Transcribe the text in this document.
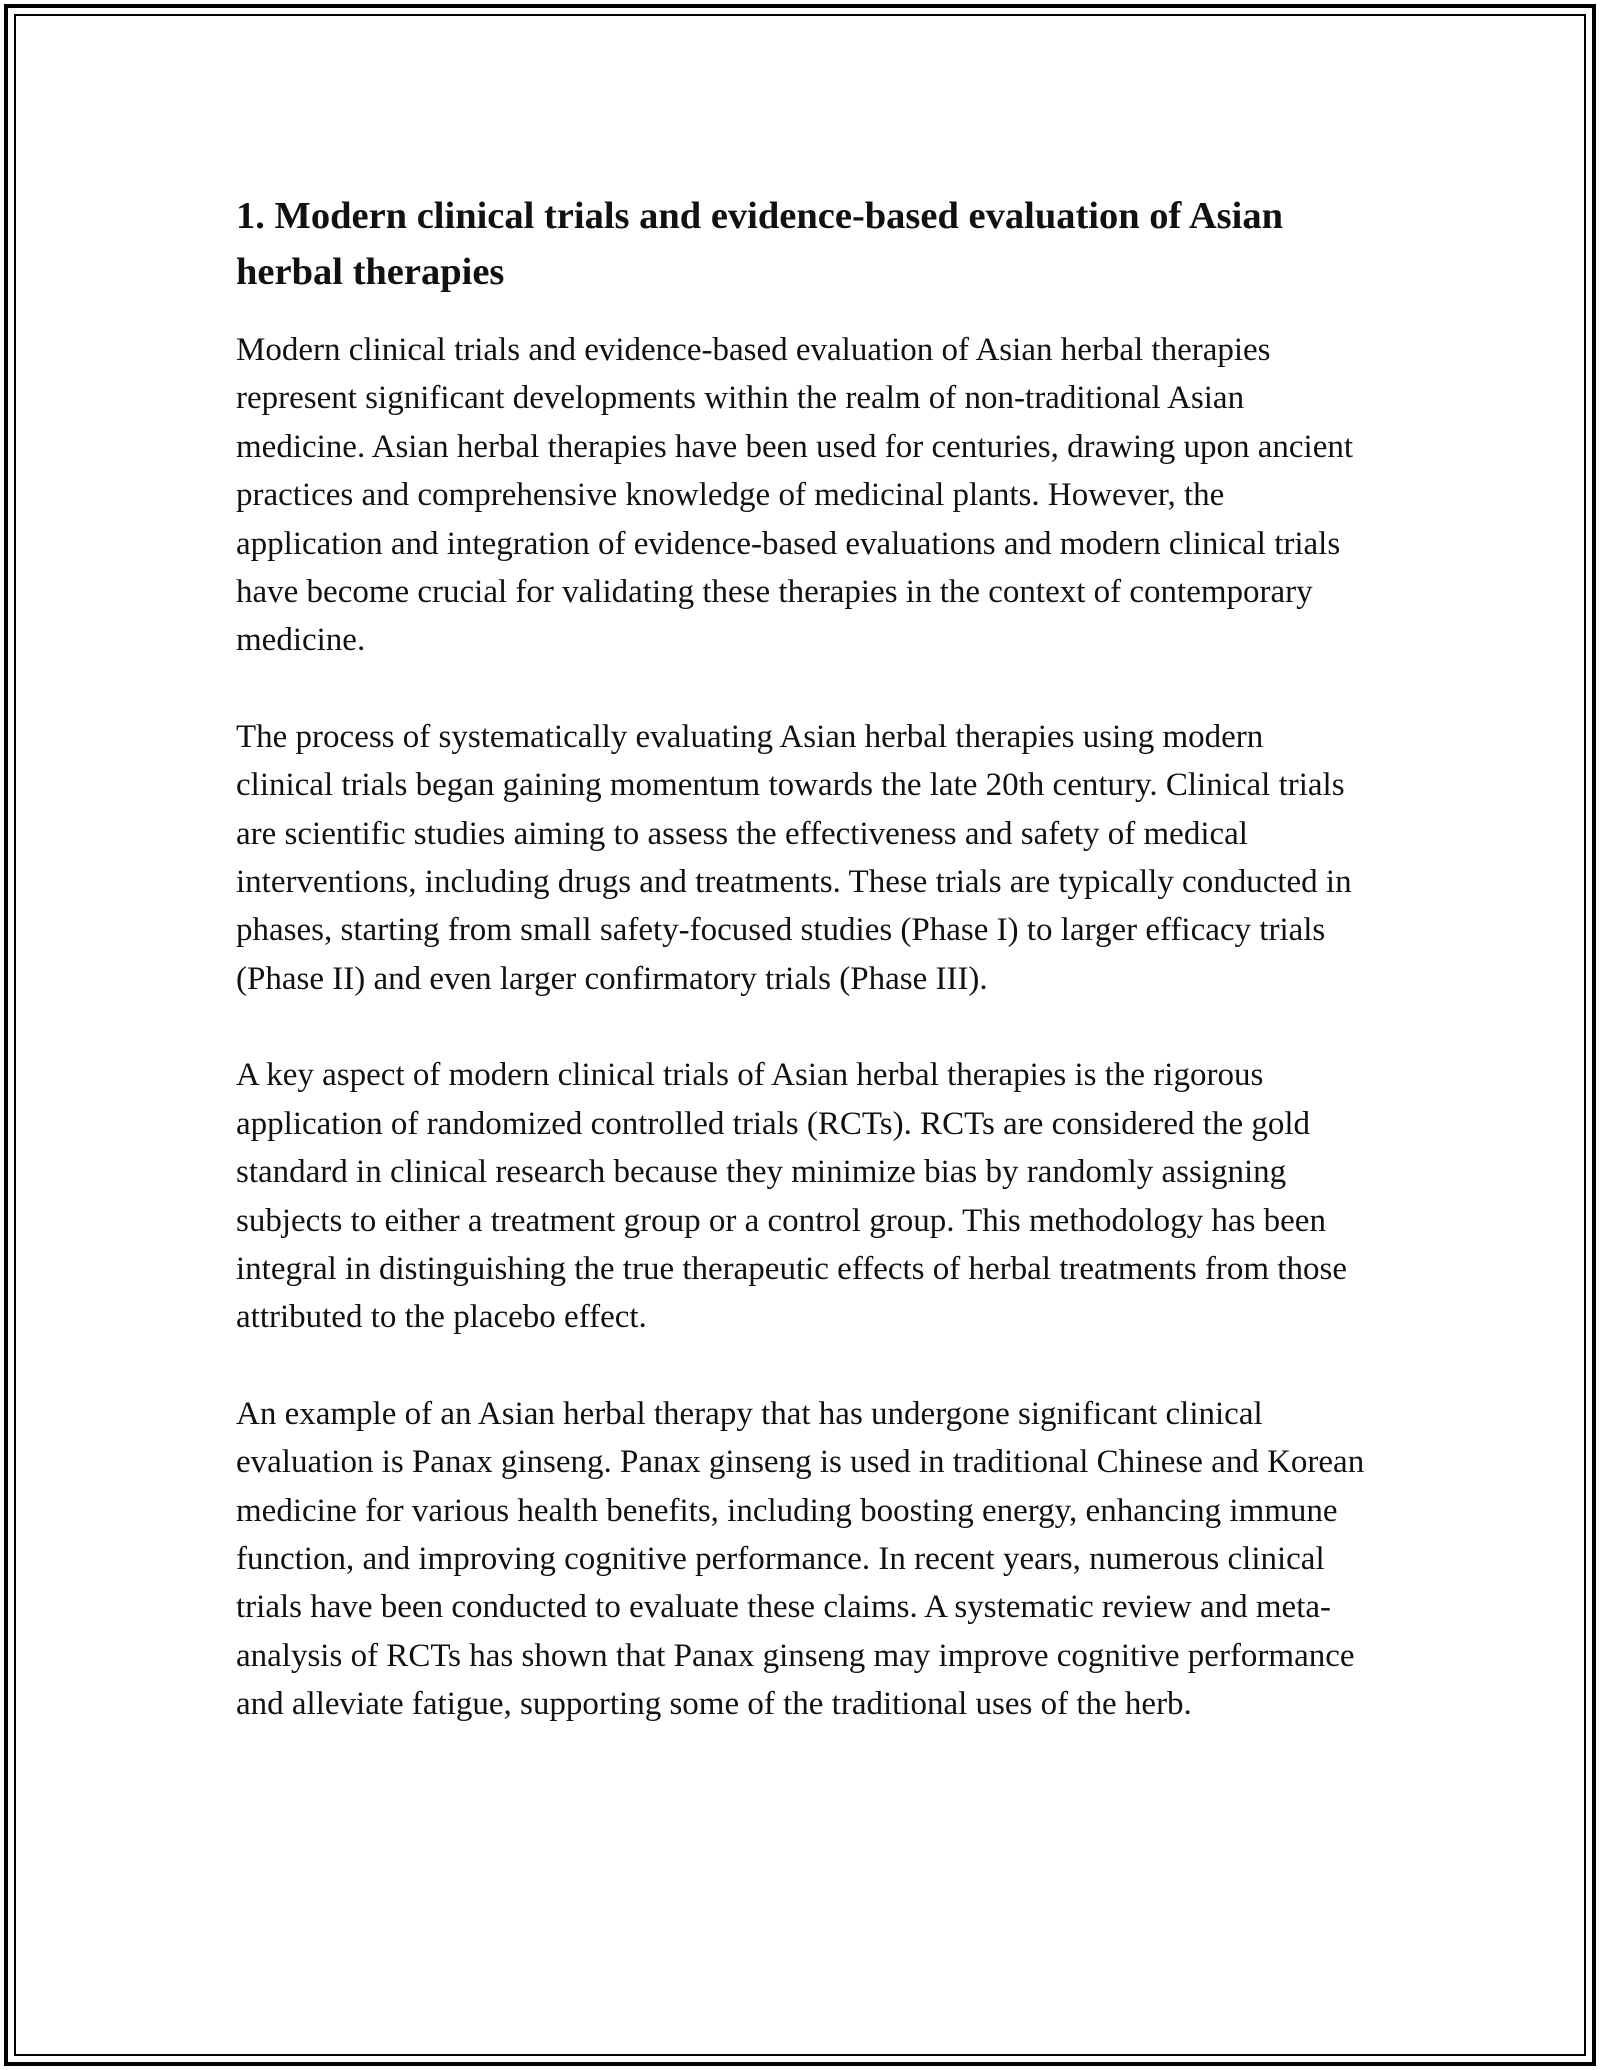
1. Modern clinical trials and evidence-based evaluation of Asian herbal therapies

Modern clinical trials and evidence-based evaluation of Asian herbal therapies represent significant developments within the realm of non-traditional Asian medicine. Asian herbal therapies have been used for centuries, drawing upon ancient practices and comprehensive knowledge of medicinal plants. However, the application and integration of evidence-based evaluations and modern clinical trials have become crucial for validating these therapies in the context of contemporary medicine.

The process of systematically evaluating Asian herbal therapies using modern clinical trials began gaining momentum towards the late 20th century. Clinical trials are scientific studies aiming to assess the effectiveness and safety of medical interventions, including drugs and treatments. These trials are typically conducted in phases, starting from small safety-focused studies (Phase I) to larger efficacy trials (Phase II) and even larger confirmatory trials (Phase III).

A key aspect of modern clinical trials of Asian herbal therapies is the rigorous application of randomized controlled trials (RCTs). RCTs are considered the gold standard in clinical research because they minimize bias by randomly assigning subjects to either a treatment group or a control group. This methodology has been integral in distinguishing the true therapeutic effects of herbal treatments from those attributed to the placebo effect.

An example of an Asian herbal therapy that has undergone significant clinical evaluation is Panax ginseng. Panax ginseng is used in traditional Chinese and Korean medicine for various health benefits, including boosting energy, enhancing immune function, and improving cognitive performance. In recent years, numerous clinical trials have been conducted to evaluate these claims. A systematic review and meta-analysis of RCTs has shown that Panax ginseng may improve cognitive performance and alleviate fatigue, supporting some of the traditional uses of the herb.
